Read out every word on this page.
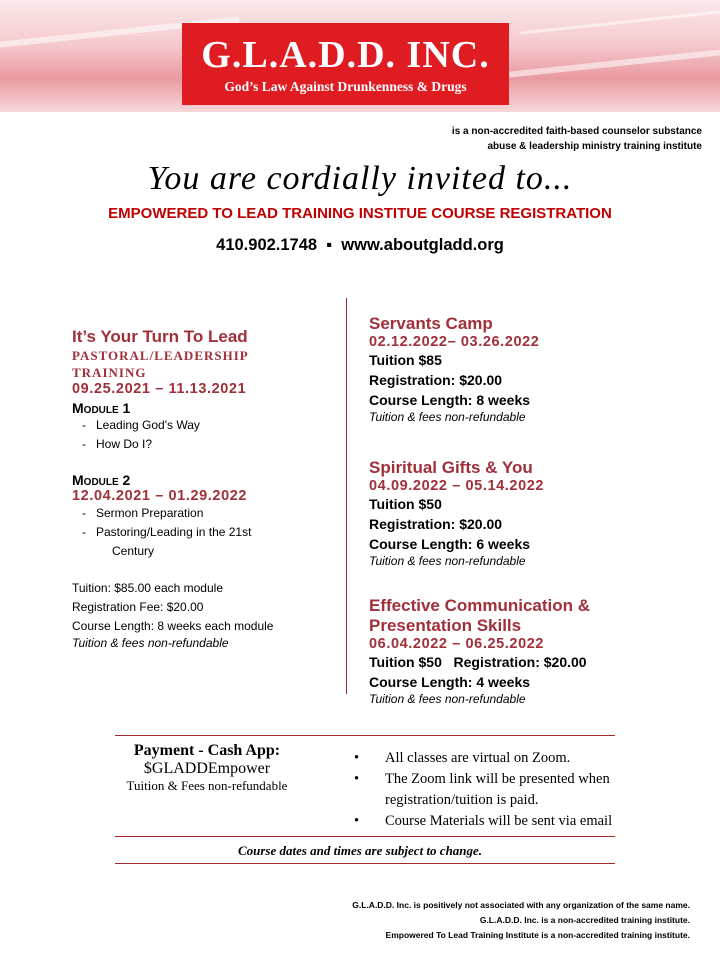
G.L.A.D.D. INC.
God’s Law Against Drunkenness & Drugs
is a non-accredited faith-based counselor substance
abuse & leadership ministry training institute
You are cordially invited to...
EMPOWERED TO LEAD TRAINING INSTITUE COURSE REGISTRATION
410.902.1748 ▪ www.aboutgladd.org
It’s Your Turn To Lead
PASTORAL/LEADERSHIP
TRAINING
09.25.2021 – 11.13.2021
Module 1
-   Leading God's Way
-   How Do I?
Module 2
12.04.2021 – 01.29.2022
-   Sermon Preparation
-   Pastoring/Leading in the 21st
Century
Tuition: $85.00 each module
Registration Fee: $20.00
Course Length: 8 weeks each module
Tuition & fees non-refundable
Servants Camp
02.12.2022– 03.26.2022
Tuition $85
Registration: $20.00
Course Length: 8 weeks
Tuition & fees non-refundable
Spiritual Gifts & You
04.09.2022 – 05.14.2022
Tuition $50
Registration: $20.00
Course Length: 6 weeks
Tuition & fees non-refundable
Effective Communication &
Presentation Skills
06.04.2022 – 06.25.2022
Tuition $50   Registration: $20.00
Course Length: 4 weeks
Tuition & fees non-refundable
Payment - Cash App:
$GLADDEmpower
Tuition & Fees non-refundable
• All classes are virtual on Zoom.
• The Zoom link will be presented when
registration/tuition is paid.
• Course Materials will be sent via email
Course dates and times are subject to change.
G.L.A.D.D. Inc. is positively not associated with any organization of the same name.
G.L.A.D.D. Inc. is a non-accredited training institute.
Empowered To Lead Training Institute is a non-accredited training institute.
